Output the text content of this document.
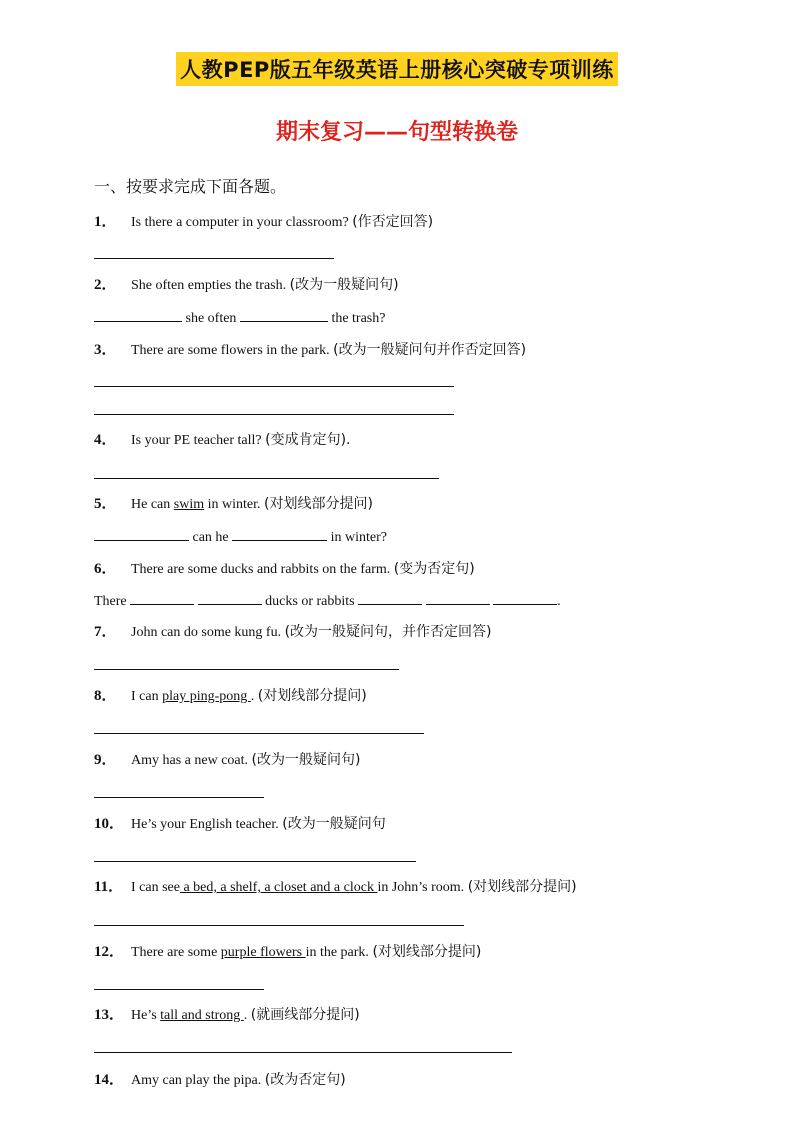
人教PEP版五年级英语上册核心突破专项训练
期末复习——句型转换卷
一、按要求完成下面各题。
1． Is there a computer in your classroom? (作否定回答)
2． She often empties the trash. (改为一般疑问句)
she often	the trash?
3． There are some flowers in the park. (改为一般疑问句并作否定回答)
4． Is your PE teacher tall? (变成肯定句).
5． He can swim in winter. (对划线部分提问)
can he	in winter?
6． There are some ducks and rabbits on the farm. (变为否定句)
There	ducks or rabbits	.
7． John can do some kung fu. (改为一般疑问句，并作否定回答)
8． I can play ping-pong . (对划线部分提问)
9． Amy has a new coat. (改为一般疑问句)
10． He’s your English teacher. (改为一般疑问句
11． I can see a bed, a shelf, a closet and a clock in John’s room. (对划线部分提问)
12． There are some purple flowers in the park. (对划线部分提问)
13． He’s tall and strong . (就画线部分提问)
14． Amy can play the pipa. (改为否定句)
